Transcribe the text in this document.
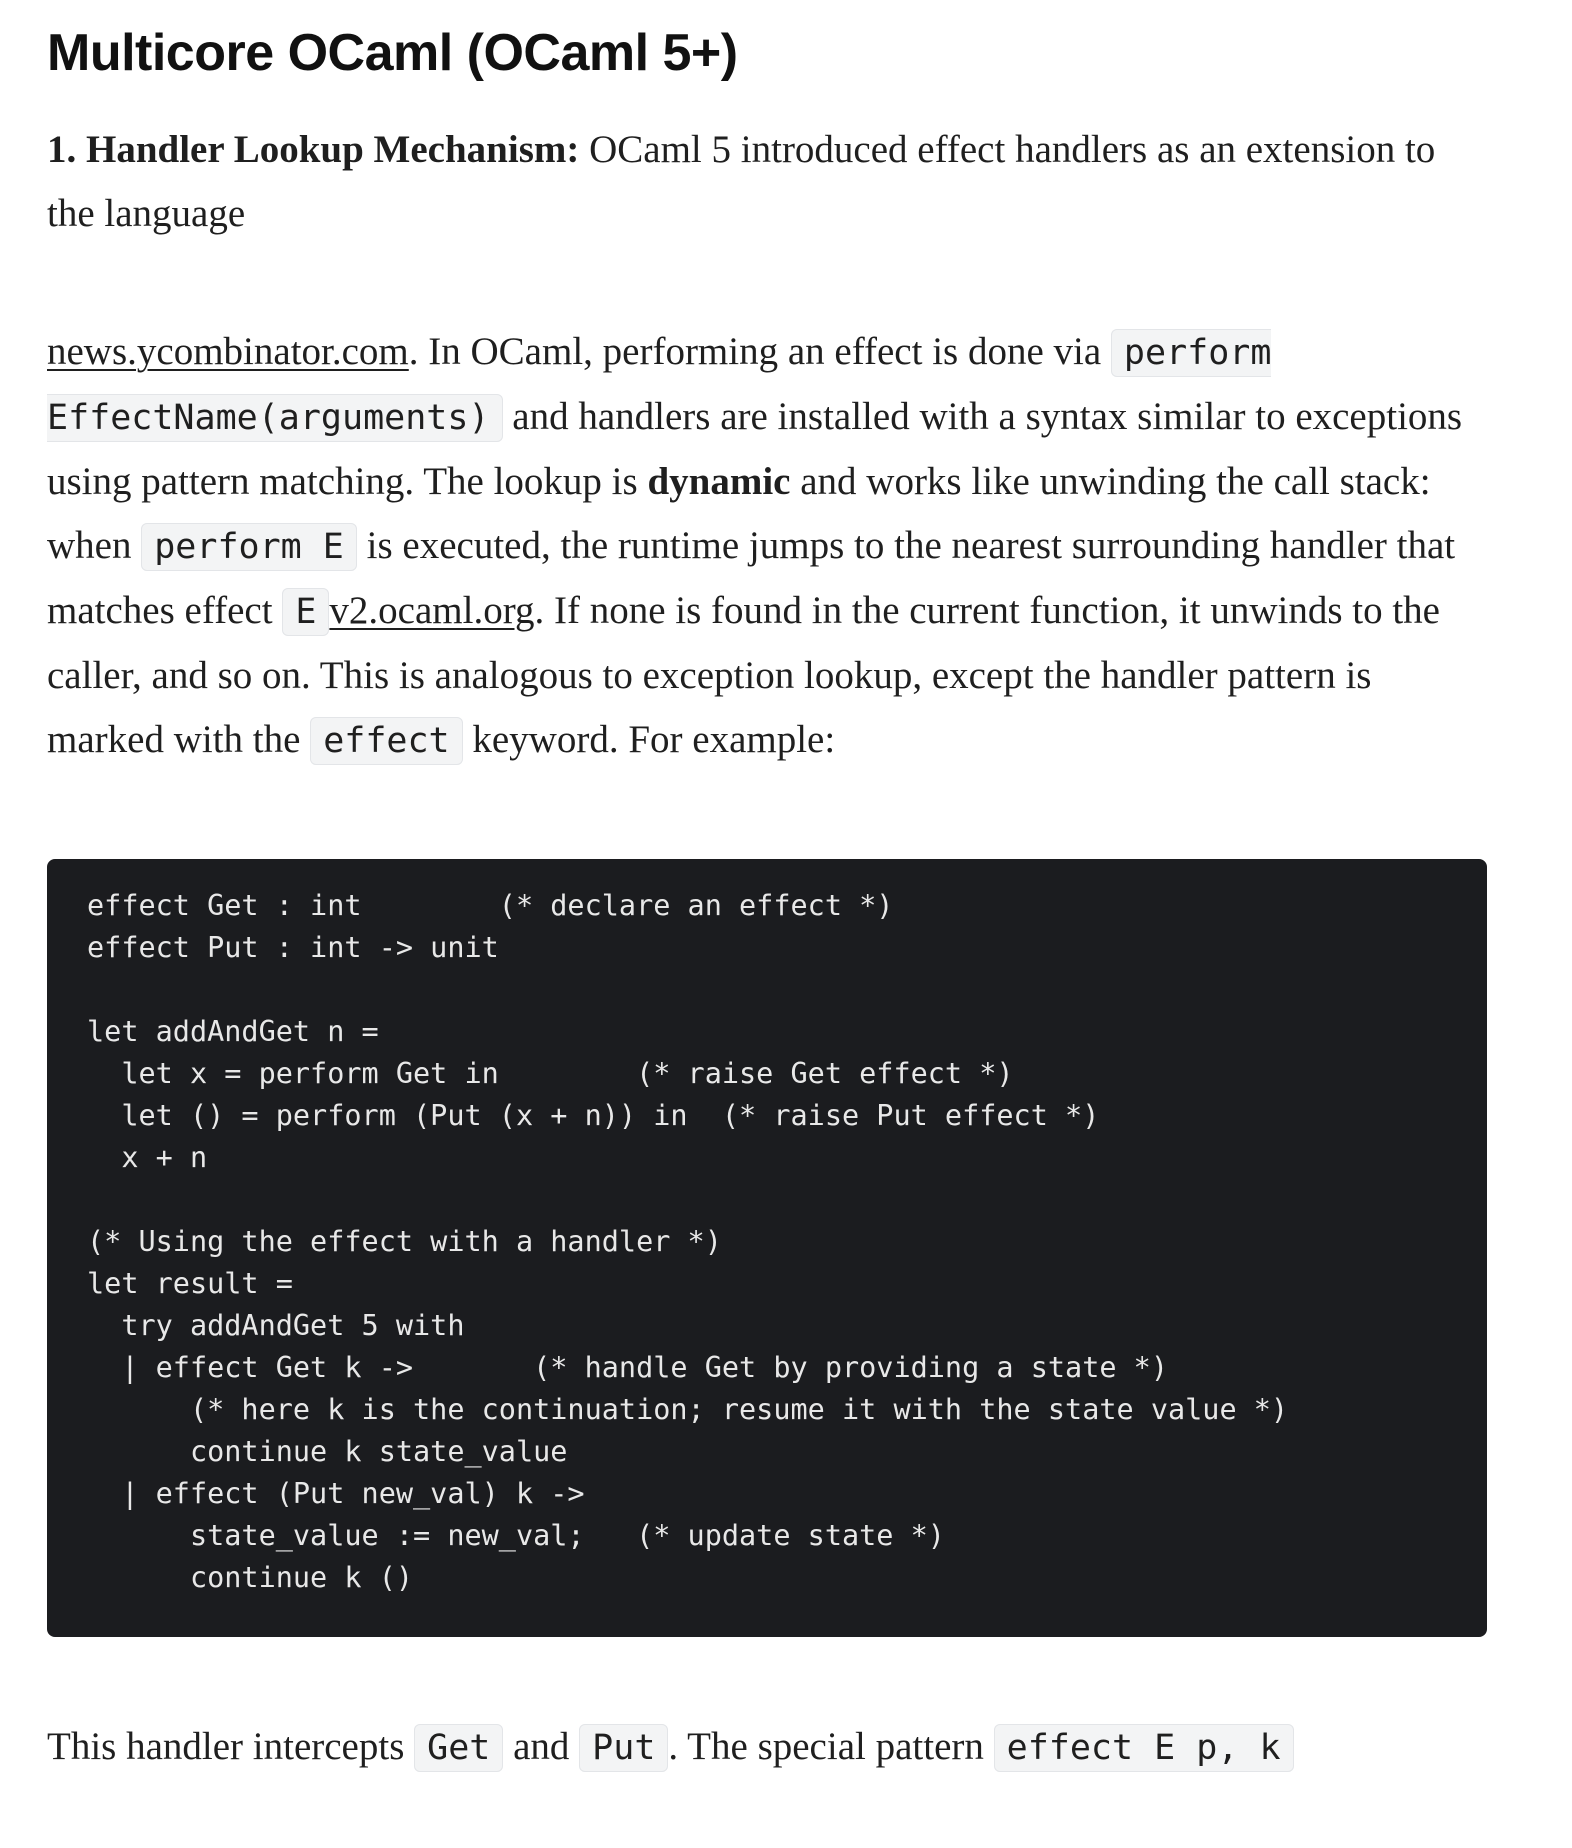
Multicore OCaml (OCaml 5+)

1. Handler Lookup Mechanism: OCaml 5 introduced effect handlers as an extension to the language

news.ycombinator.com. In OCaml, performing an effect is done via perform EffectName(arguments) and handlers are installed with a syntax similar to exceptions using pattern matching. The lookup is dynamic and works like unwinding the call stack: when perform E is executed, the runtime jumps to the nearest surrounding handler that matches effect E v2.ocaml.org. If none is found in the current function, it unwinds to the caller, and so on. This is analogous to exception lookup, except the handler pattern is marked with the effect keyword. For example:

effect Get : int        (* declare an effect *)
effect Put : int -> unit

let addAndGet n =
let x = perform Get in        (* raise Get effect *)
let () = perform (Put (x + n)) in  (* raise Put effect *)
x + n

(* Using the effect with a handler *)
let result =
try addAndGet 5 with
| effect Get k ->       (* handle Get by providing a state *)
(* here k is the continuation; resume it with the state value *)
continue k state_value
| effect (Put new_val) k ->
state_value := new_val;   (* update state *)
continue k ()

This handler intercepts Get and Put . The special pattern effect E p, k
